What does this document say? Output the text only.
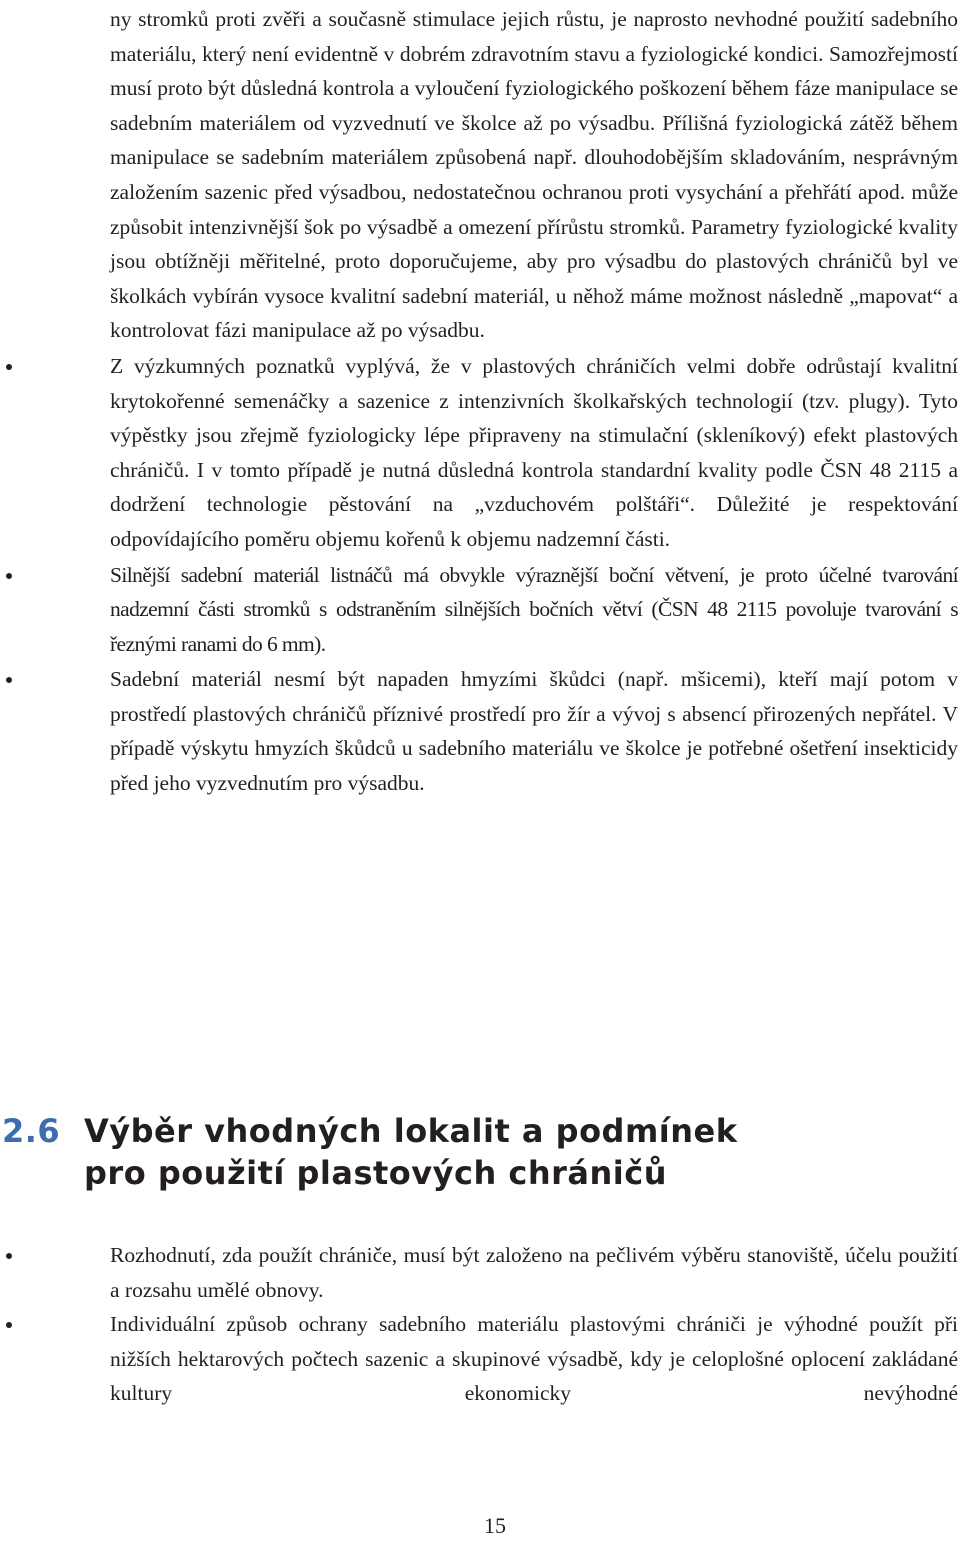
ny stromků proti zvěři a současně stimulace jejich růstu, je naprosto nevhodné použití sadebního materiálu, který není evidentně v dobrém zdravotním stavu a fyziologické kondici. Samozřejmostí musí proto být důsledná kontrola a vyloučení fyziologického poškození během fáze manipulace se sadebním materiálem od vyzvednutí ve školce až po výsadbu. Přílišná fyziologická zátěž během manipulace se sadebním materiálem způsobená např. dlouhodobějším skladováním, nesprávným založením sazenic před výsadbou, nedostatečnou ochranou proti vysychání a přehřátí apod. může způsobit intenzivnější šok po výsadbě a omezení přírůstu stromků. Parametry fyziologické kvality jsou obtížněji měřitelné, proto doporučujeme, aby pro výsadbu do plastových chráničů byl ve školkách vybírán vysoce kvalitní sadební materiál, u něhož máme možnost následně „mapovat“ a kontrolovat fázi manipulace až po výsadbu.

Z výzkumných poznatků vyplývá, že v plastových chráničích velmi dobře odrůstají kvalitní krytokořenné semenáčky a sazenice z intenzivních školkařských technologií (tzv. plugy). Tyto výpěstky jsou zřejmě fyziologicky lépe připraveny na stimulační (skleníkový) efekt plastových chráničů. I v tomto případě je nutná důsledná kontrola standardní kvality podle ČSN 48 2115 a dodržení technologie pěstování na „vzduchovém polštáři“. Důležité je respektování odpovídajícího poměru objemu kořenů k objemu nadzemní části.

Silnější sadební materiál listnáčů má obvykle výraznější boční větvení, je proto účelné tvarování nadzemní části stromků s odstraněním silnějších bočních větví (ČSN 48 2115 povoluje tvarování s řeznými ranami do 6 mm).

Sadební materiál nesmí být napaden hmyzími škůdci (např. mšicemi), kteří mají potom v prostředí plastových chráničů příznivé prostředí pro žír a vývoj s absencí přirozených nepřátel. V případě výskytu hmyzích škůdců u sadebního materiálu ve školce je potřebné ošetření insekticidy před jeho vyzvednutím pro výsadbu.

2.6 Výběr vhodných lokalit a podmínek
pro použití plastových chráničů

Rozhodnutí, zda použít chrániče, musí být založeno na pečlivém výběru stanoviště, účelu použití a rozsahu umělé obnovy.

Individuální způsob ochrany sadebního materiálu plastovými chrániči je výhodné použít při nižších hektarových počtech sazenic a skupinové výsadbě, kdy je celoplošné oplocení zakládané kultury ekonomicky nevýhodné

15
